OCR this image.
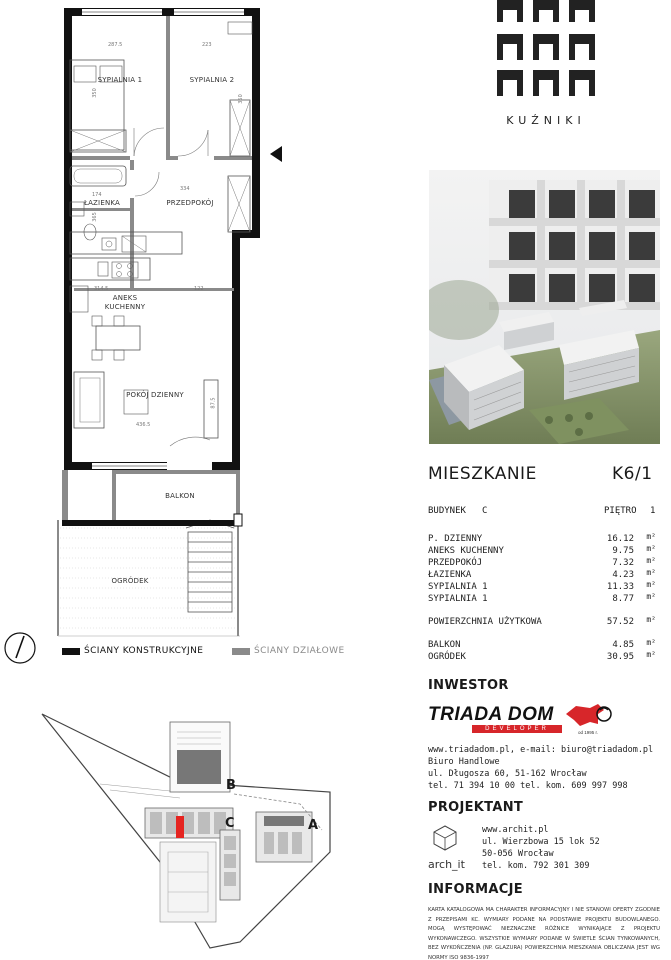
KUŹNIKI
SYPIALNIA 1	SYPIALNIA 2
ŁAZIENKA	PRZEDPOKÓJ
ANEKS
KUCHENNY
POKÓJ DZIENNY
BALKON
OGRÓDEK
287.5	223
350
350
334
174
365
314.5	122
436.5
87.5
ŚCIANY KONSTRUKCYJNE	ŚCIANY DZIAŁOWE
A
B
C
MIESZKANIE	K6/1
BUDYNEK C	PIĘTRO 1
P. DZIENNY	16.12 m²
ANEKS KUCHENNY	9.75 m²
PRZEDPOKÓJ	7.32 m²
ŁAZIENKA	4.23 m²
SYPIALNIA 1	11.33 m²
SYPIALNIA 1	8.77 m²
POWIERZCHNIA UŻYTKOWA	57.52 m²
BALKON	4.85 m²
OGRÓDEK	30.95 m²
INWESTOR
TRIADA DOM
DEVELOPER
od 1995 r.
www.triadadom.pl, e-mail: biuro@triadadom.pl
Biuro Handlowe
ul. Długosza 60, 51-162 Wrocław
tel. 71 394 10 00 tel. kom. 609 997 998
PROJEKTANT
arch_it
www.archit.pl
ul. Wierzbowa 15 lok 52
50-056 Wrocław
tel. kom. 792 301 309
INFORMACJE
KARTA KATALOGOWA MA CHARAKTER INFORMACYJNY I NIE STANOWI OFERTY ZGODNIE Z PRZEPISAMI KC. WYMIARY PODANE NA PODSTAWIE PROJEKTU BUDOWLANEGO. MOGĄ WYSTĘPOWAĆ NIEZNACZNE RÓŻNICE WYNIKAJĄCE Z PROJEKTU WYKONAWCZEGO. WSZYSTKIE WYMIARY PODANE W ŚWIETLE ŚCIAN TYNKOWANYCH, BEZ WYKOŃCZENIA (NP. GLAZURA) POWIERZCHNIA MIESZKANIA OBLICZANA JEST WG NORMY ISO 9836-1997
